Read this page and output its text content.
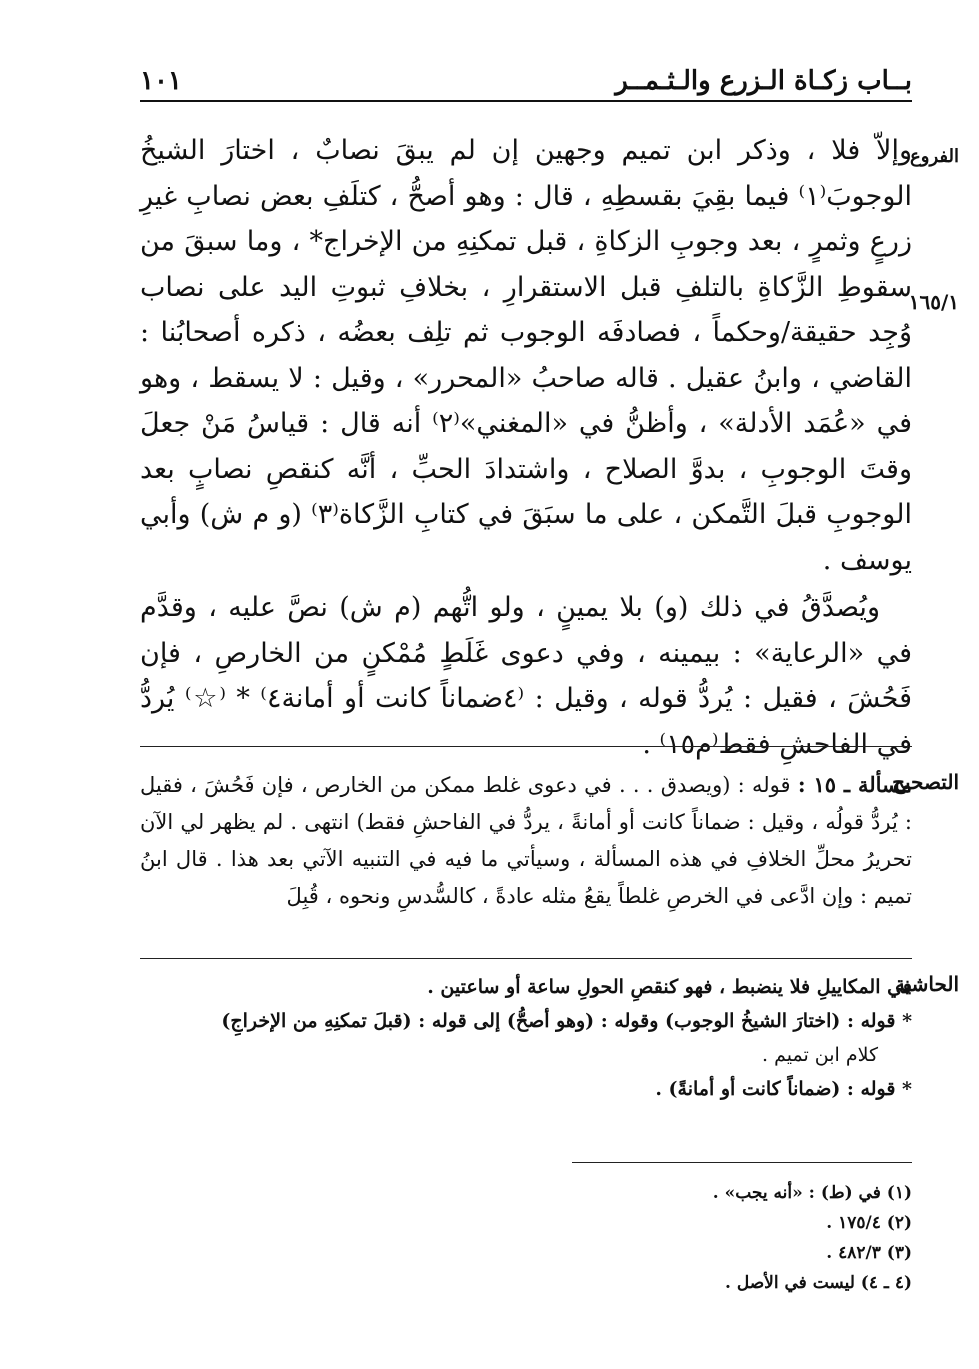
بــاب زكـاة الـزرع والـثـمــر
١٠١
الفروع
١٦٥/١
التصحيح
الحاشية

وإلاّ فلا ، وذكر ابن تميم وجهين إن لم يبقَ نصابٌ ، اختارَ الشيخُ الوجوبَ⁽١⁾ فيما بقِيَ بقسطِهِ ، قال : وهو أصحُّ ، كتلَفِ بعض نصابِ غيرِ زرعٍ وثمرٍ ، بعد وجوبِ الزكاةِ ، قبل تمكنِهِ من الإخراج* ، وما سبقَ من سقوطِ الزَّكاةِ بالتلفِ قبل الاستقرارِ ، بخلافِ ثبوتِ اليد على نصاب وُجِد حقيقة/وحكماً ، فصادفَه الوجوب ثم تلِف بعضُه ، ذكره أصحابُنا : القاضي ، وابنُ عقيل . قاله صاحبُ «المحرر» ، وقيل : لا يسقط ، وهو في «عُمَد الأدلة» ، وأظنُّ في «المغني»⁽٢⁾ أنه قال : قياسُ مَنْ جعلَ وقتَ الوجوبِ ، بدوَّ الصلاح ، واشتدادَ الحبِّ ، أنَّه كنقصِ نصابٍ بعد الوجوبِ قبلَ التَّمكن ، على ما سبَقَ في كتابِ الزَّكاة⁽٣⁾ (و م ش) وأبي يوسف .

ويُصدَّقُ في ذلك (و) بلا يمينٍ ، ولو اتُّهم (م ش) نصَّ عليه ، وقدَّم في «الرعاية» : بيمينه ، وفي دعوى غَلَطٍ مُمْكنٍ من الخارصِ ، فإن فَحُشَ ، فقيل : يُردُّ قوله ، وقيل : ⁽٤ضماناً كانت أو أمانة٤⁾ * ⁽☆⁾ يُردُّ في الفاحشِ فقط⁽م١٥⁾ .

مسألة ـ ١٥ : قوله : (ويصدق . . . في دعوى غلط ممكن من الخارص ، فإن فَحُشَ ، فقيل : يُردُّ قولُه ، وقيل : ضماناً كانت أو أمانةً ، يردُّ في الفاحشِ فقط) انتهى . لم يظهر لي الآن تحريرُ محلِّ الخلافِ في هذه المسألة ، وسيأتي ما فيه في التنبيه الآتي بعد هذا . قال ابنُ تميم : وإن ادَّعى في الخرصِ غلطاً يقعُ مثله عادةً ، كالسُّدسِ ونحوه ، قُبِلَ

في المكاييلِ فلا ينضبط ، فهو كنقصِ الحولِ ساعة أو ساعتين .

* قوله : (اختارَ الشيخُ الوجوب) وقوله : (وهو أصحُّ) إلى قوله : (قبلَ تمكنِهِ من الإخراجِ)

كلام ابن تميم .

* قوله : (ضماناً كانت أو أمانةً) .

(١) في (ط) : «أنه يجب» .

(٢) ١٧٥/٤ .

(٣) ٤٨٢/٣ .

(٤ ـ ٤) ليست في الأصل .
